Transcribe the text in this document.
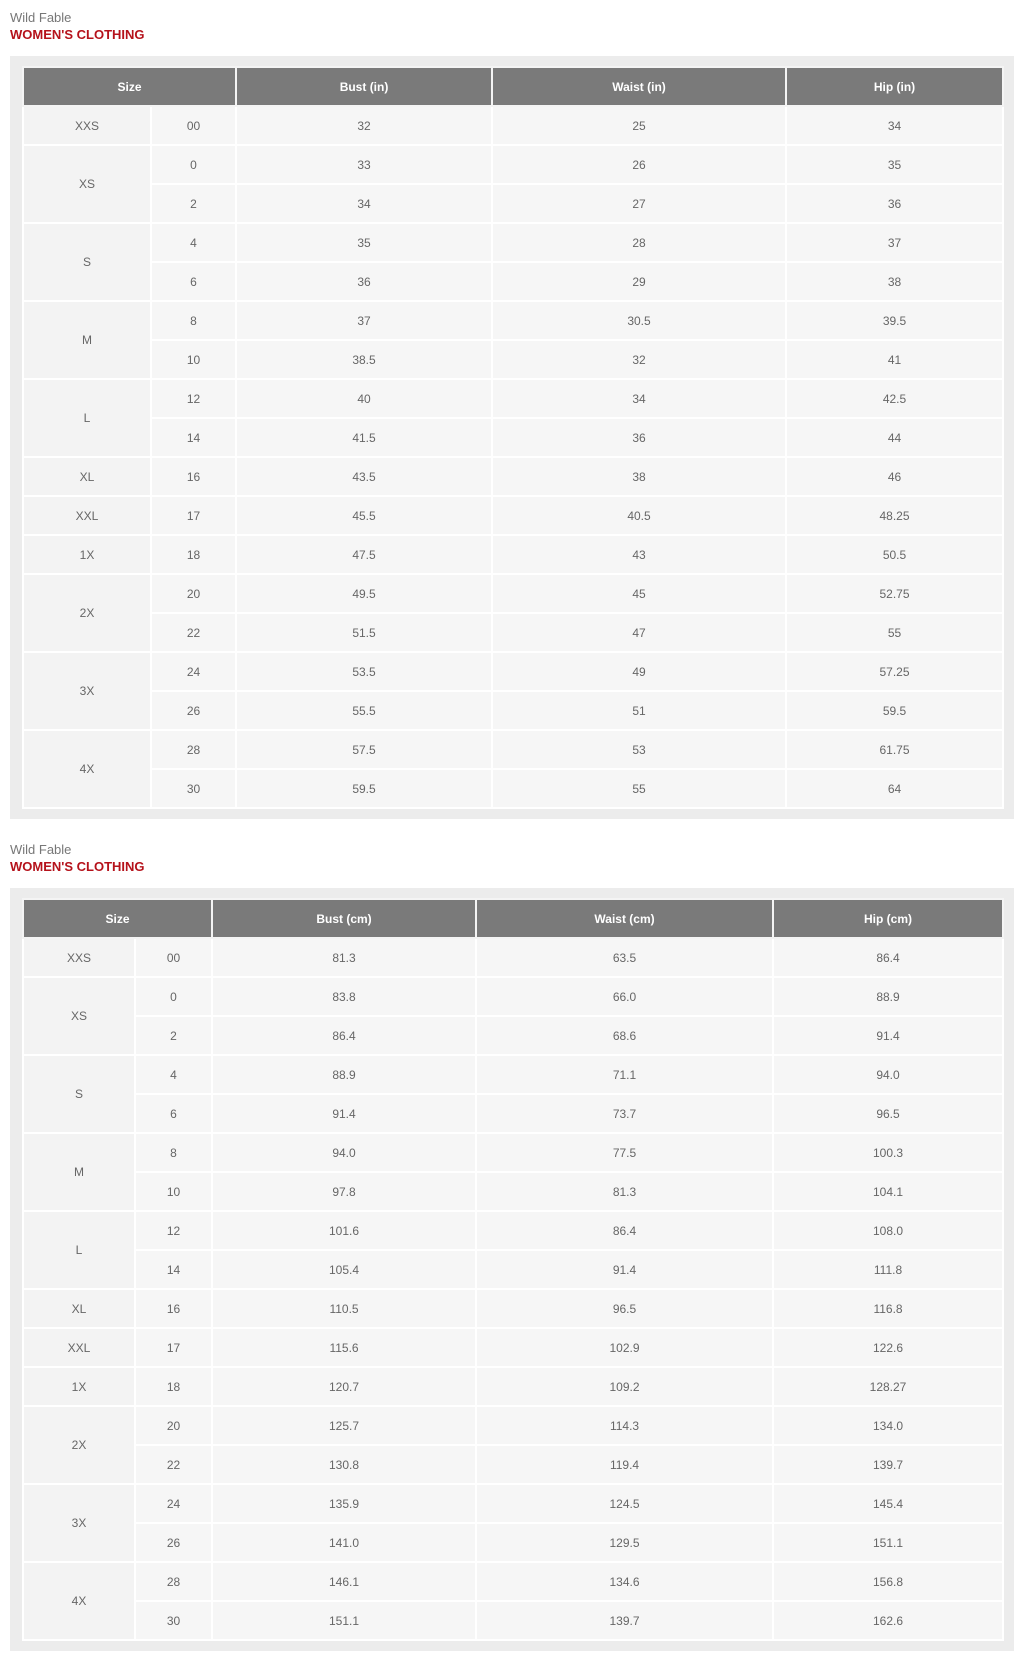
Wild Fable
WOMEN'S CLOTHING
Size		Bust (in)	Waist (in)	Hip (in)
XXS	00	32	25	34
XS	0	33	26	35
	2	34	27	36
S	4	35	28	37
	6	36	29	38
M	8	37	30.5	39.5
	10	38.5	32	41
L	12	40	34	42.5
	14	41.5	36	44
XL	16	43.5	38	46
XXL	17	45.5	40.5	48.25
1X	18	47.5	43	50.5
2X	20	49.5	45	52.75
	22	51.5	47	55
3X	24	53.5	49	57.25
	26	55.5	51	59.5
4X	28	57.5	53	61.75
	30	59.5	55	64
Wild Fable
WOMEN'S CLOTHING
Size		Bust (cm)	Waist (cm)	Hip (cm)
XXS	00	81.3	63.5	86.4
XS	0	83.8	66.0	88.9
	2	86.4	68.6	91.4
S	4	88.9	71.1	94.0
	6	91.4	73.7	96.5
M	8	94.0	77.5	100.3
	10	97.8	81.3	104.1
L	12	101.6	86.4	108.0
	14	105.4	91.4	111.8
XL	16	110.5	96.5	116.8
XXL	17	115.6	102.9	122.6
1X	18	120.7	109.2	128.27
2X	20	125.7	114.3	134.0
	22	130.8	119.4	139.7
3X	24	135.9	124.5	145.4
	26	141.0	129.5	151.1
4X	28	146.1	134.6	156.8
	30	151.1	139.7	162.6
